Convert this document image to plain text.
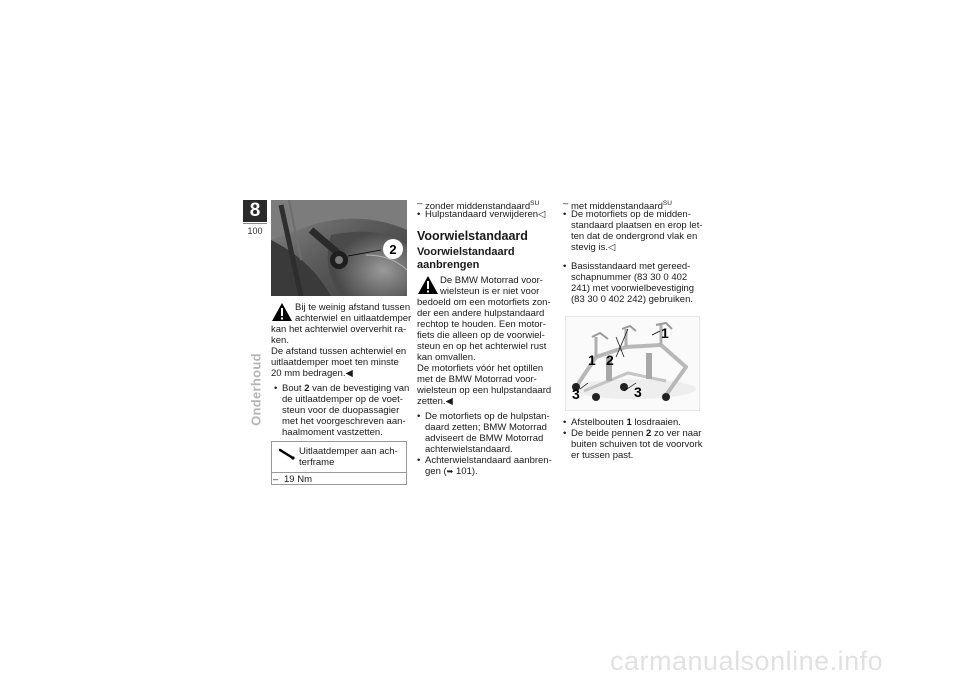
8
100
Onderhoud
2
Bij te weinig afstand tussen
achterwiel en uitlaatdemper
kan het achterwiel oververhit ra-
ken.
De afstand tussen achterwiel en
uitlaatdemper moet ten minste
20 mm bedragen.◀
• Bout 2 van de bevestiging van
de uitlaatdemper op de voet-
steun voor de duopassagier
met het voorgeschreven aan-
haalmoment vastzetten.
Uitlaatdemper aan ach-
terframe
– 19 Nm
– zonder middenstandaard$^{SU}$
• Hulpstandaard verwijderen◁
Voorwielstandaard
Voorwielstandaard
aanbrengen
De BMW Motorrad voor-
wielsteun is er niet voor
bedoeld om een motorfiets zon-
der een andere hulpstandaard
rechtop te houden. Een motor-
fiets die alleen op de voorwiel-
steun en op het achterwiel rust
kan omvallen.
De motorfiets vóór het optillen
met de BMW Motorrad voor-
wielsteun op een hulpstandaard
zetten.◀
• De motorfiets op de hulpstan-
daard zetten; BMW Motorrad
adviseert de BMW Motorrad
achterwielstandaard.
• Achterwielstandaard aanbren-
gen (➥ 101).
– met middenstandaard$^{SU}$
• De motorfiets op de midden-
standaard plaatsen en erop let-
ten dat de ondergrond vlak en
stevig is.◁
• Basisstandaard met gereed-
schapnummer (83 30 0 402
241) met voorwielbevestiging
(83 30 0 402 242) gebruiken.
1
1 2
3	3
• Afstelbouten 1 losdraaien.
• De beide pennen 2 zo ver naar
buiten schuiven tot de voorvork
er tussen past.
carmanualsonline.info
